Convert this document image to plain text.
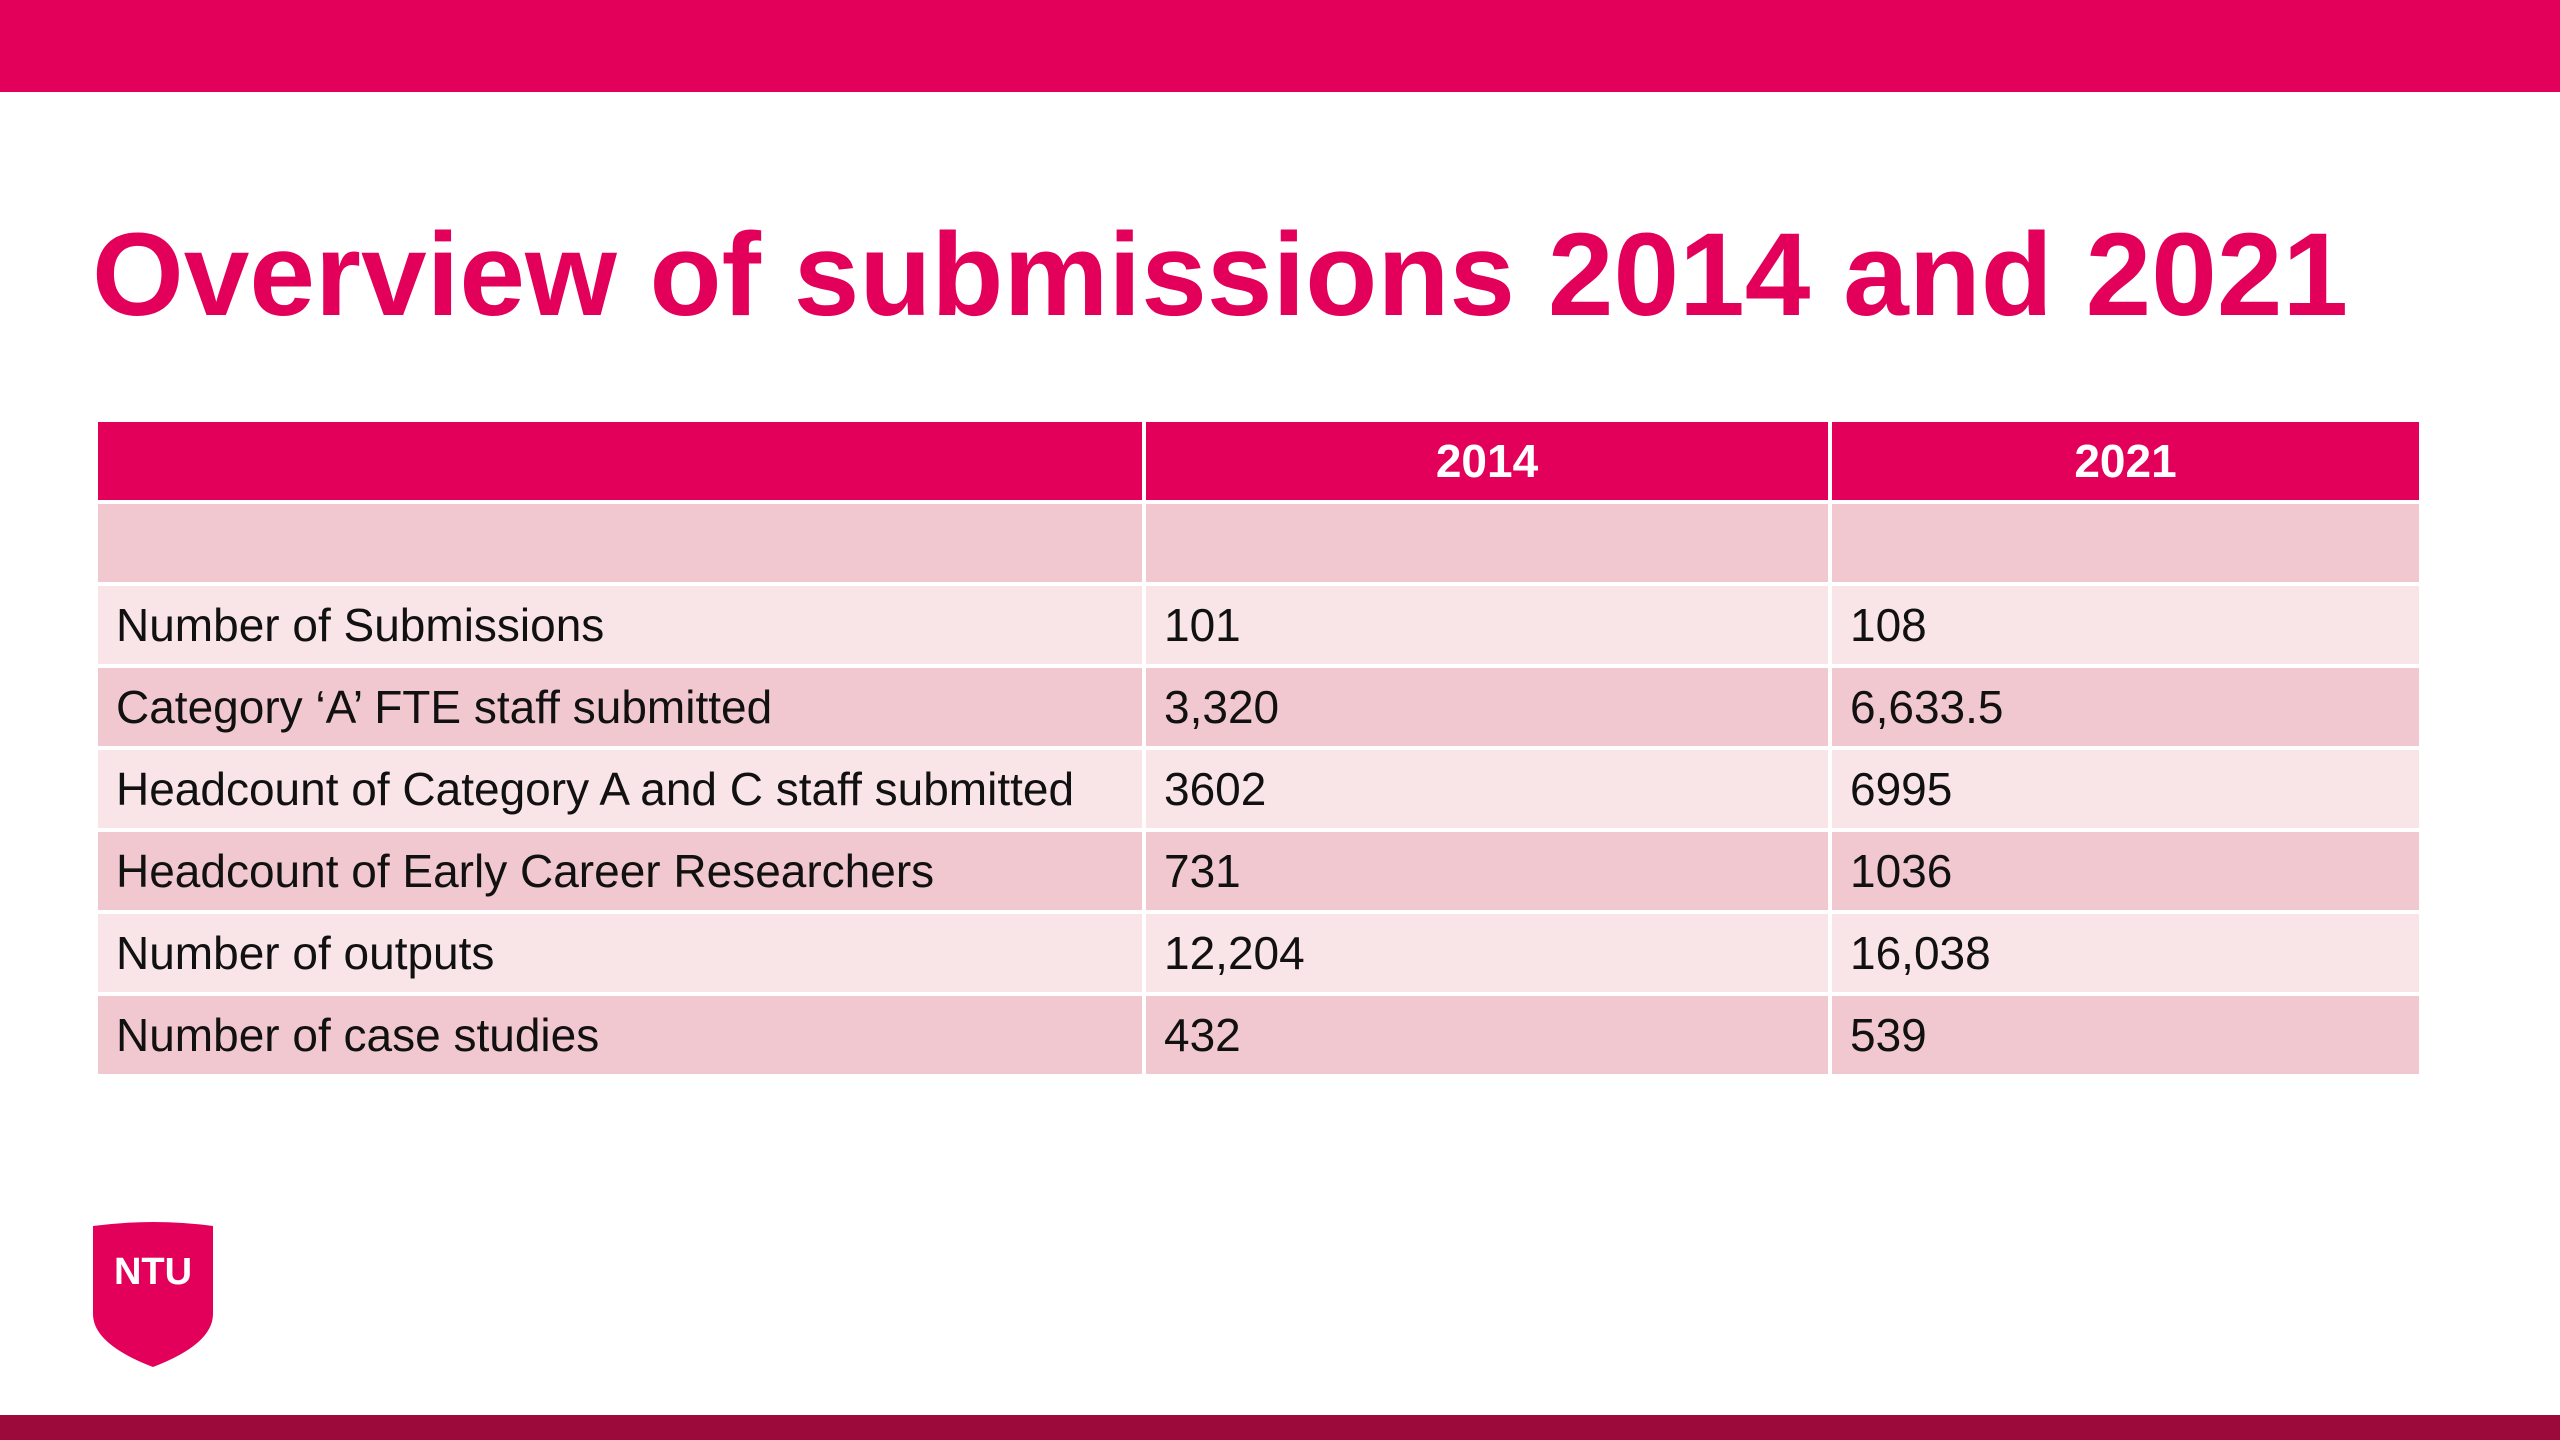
Overview of submissions 2014 and 2021
	2014	2021

Number of Submissions	101	108
Category ‘A’ FTE staff submitted	3,320	6,633.5
Headcount of Category A and C staff submitted	3602	6995
Headcount of Early Career Researchers	731	1036
Number of outputs	12,204	16,038
Number of case studies	432	539
NTU
